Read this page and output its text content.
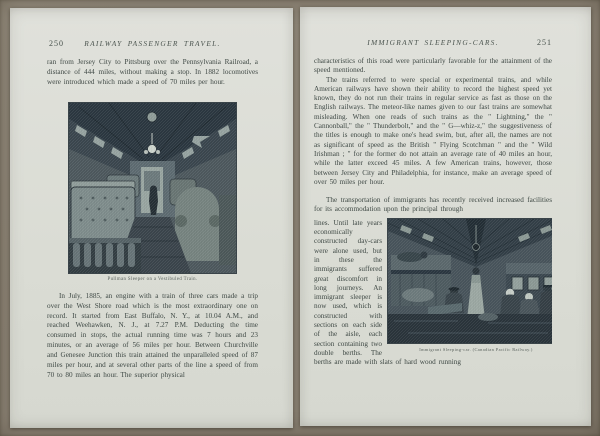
250	RAILWAY PASSENGER TRAVEL.

ran from Jersey City to Pittsburg over the Pennsylvania Railroad, a distance of 444 miles, without making a stop. In 1882 locomotives were introduced which made a speed of 70 miles per hour.

Pullman Sleeper on a Vestibuled Train.

In July, 1885, an engine with a train of three cars made a trip over the West Shore road which is the most extraordinary one on record. It started from East Buffalo, N. Y., at 10.04 A.M., and reached Weehawken, N. J., at 7.27 P.M. Deducting the time consumed in stops, the actual running time was 7 hours and 23 minutes, or an average of 56 miles per hour. Between Churchville and Genesee Junction this train attained the unparalleled speed of 87 miles per hour, and at several other parts of the line a speed of from 70 to 80 miles an hour. The superior physical

IMMIGRANT SLEEPING-CARS.	251

characteristics of this road were particularly favorable for the attainment of the speed mentioned.

The trains referred to were special or experimental trains, and while American railways have shown their ability to record the highest speed yet known, they do not run their trains in regular service as fast as those on the English railways. The meteor-like names given to our fast trains are somewhat misleading. When one reads of such trains as the " Lightning," the " Cannonball," the " Thunderbolt," and the " G—whiz-z," the suggestiveness of the titles is enough to make one's head swim, but, after all, the names are not as significant of speed as the British " Flying Scotchman " and the " Wild Irishman ; " for the former do not attain an average rate of 40 miles an hour, while the latter exceed 45 miles. A few American trains, however, those between Jersey City and Philadelphia, for instance, make an average speed of over 50 miles per hour.

The transportation of immigrants has recently received increased facilities for its accommodation upon the principal through

Immigrant Sleeping-car. (Canadian Pacific Railway.)

lines. Until late years economically constructed day-cars were alone used, but in these the immigrants suffered great discomfort in long journeys. An immigrant sleeper is now used, which is constructed with sections on each side of the aisle, each section containing two double berths. The berths are made with slats of hard wood running
